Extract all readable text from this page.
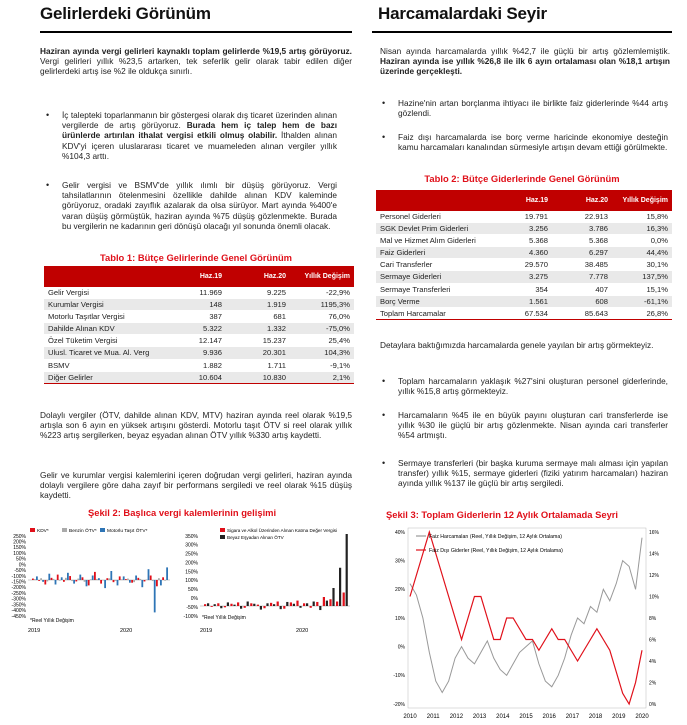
Gelirlerdeki Görünüm
Haziran ayında vergi gelirleri kaynaklı toplam gelirlerde %19,5 artış görüyoruz. Vergi gelirleri yıllık %23,5 artarken, tek seferlik gelir olarak tabir edilen diğer gelirlerdeki artış ise %2 ile oldukça sınırlı.
• İç talepteki toparlanmanın bir göstergesi olarak dış ticaret üzerinden alınan vergilerde de artış görüyoruz. Burada hem iç talep hem de bazı ürünlerde artırılan ithalat vergisi etkili olmuş olabilir. İthalden alınan KDV'yi içeren uluslararası ticaret ve muameleden alınan vergiler yıllık %104,3 arttı.
• Gelir vergisi ve BSMV'de yıllık ılımlı bir düşüş görüyoruz. Vergi tahsilatlarının ötelenmesini özellikle dahilde alınan KDV kaleminde görüyoruz, oradaki zayıflık azalarak da olsa sürüyor. Mart ayında %400'e varan düşüş görmüştük, haziran ayında %75 düşüş gözlenmekte. Burada bu vergilerin ne kadarının geri dönüşü olacağı yıl sonunda önemli olacak.
Tablo 1: Bütçe Gelirlerinde Genel Görünüm
	Haz.19	Haz.20	Yıllık Değişim
Gelir Vergisi	11.969	9.225	-22,9%
Kurumlar Vergisi	148	1.919	1195,3%
Motorlu Taşıtlar Vergisi	387	681	76,0%
Dahilde Alınan KDV	5.322	1.332	-75,0%
Özel Tüketim Vergisi	12.147	15.237	25,4%
Ulusl. Ticaret ve Mua. Al. Verg	9.936	20.301	104,3%
BSMV	1.882	1.711	-9,1%
Diğer Gelirler	10.604	10.830	2,1%
Dolaylı vergiler (ÖTV, dahilde alınan KDV, MTV) haziran ayında reel olarak %19,5 artışla son 6 ayın en yüksek artışını gösterdi. Motorlu taşıt ÖTV si reel olarak yıllık %223 artış sergilerken, beyaz eşyadan alınan ÖTV yıllık %330 artış kaydetti.
Gelir ve kurumlar vergisi kalemlerini içeren doğrudan vergi gelirleri, haziran ayında dolaylı vergilere göre daha zayıf bir performans sergiledi ve reel olarak %15 düşüş kaydetti.
Şekil 2: Başlıca vergi kalemlerinin gelişimi
250%
200%
150%
100%
50%
0%
-50%
-100%
-150%
-200%
-250%
-300%
-350%
-400%
-450%
KDV*	Benzin ÖTV* Motorlu Taşıt ÖTV*
*Reel Yıllık Değişim
2019	2020
350%
300%
250%
200%
150%
100%
50%
0%
-50%
-100%
Sigara ve Alkol Üzerinden Alınan Katma Değer Vergisi
Beyaz Eşyadan Alınan ÖTV
*Reel Yıllık Değişim
2019	2020
Harcamalardaki Seyir
Nisan ayında harcamalarda yıllık %42,7 ile güçlü bir artış gözlemlemiştik. Haziran ayında ise yıllık %26,8 ile ilk 6 ayın ortalaması olan %18,1 artışın üzerinde gerçekleşti.
• Hazine'nin artan borçlanma ihtiyacı ile birlikte faiz giderlerinde %44 artış gözlendi.
• Faiz dışı harcamalarda ise borç verme haricinde ekonomiye desteğin kamu harcamaları kanalından sürmesiyle artışın devam ettiği görülmekte.
Tablo 2: Bütçe Giderlerinde Genel Görünüm
	Haz.19	Haz.20	Yıllık Değişim
Personel Giderleri	19.791	22.913	15,8%
SGK Devlet Prim Giderleri	3.256	3.786	16,3%
Mal ve Hizmet Alım Giderleri	5.368	5.368	0,0%
Faiz Giderleri	4.360	6.297	44,4%
Cari Transferler	29.570	38.485	30,1%
Sermaye Giderleri	3.275	7.778	137,5%
Sermaye Transferleri	354	407	15,1%
Borç Verme	1.561	608	-61,1%
Toplam Harcamalar	67.534	85.643	26,8%
Detaylara baktığımızda harcamalarda genele yayılan bir artış görmekteyiz.
• Toplam harcamaların yaklaşık %27'sini oluşturan personel giderlerinde, yıllık %15,8 artış görmekteyiz.
• Harcamaların %45 ile en büyük payını oluşturan cari transferlerde ise yıllık %30 ile güçlü bir artış gözlenmekte. Nisan ayında cari transferler %54 artmıştı.
• Sermaye transferleri (bir başka kuruma sermaye malı alması için yapılan transfer) yıllık %15, sermaye giderleri (fiziki yatırım harcamaları) haziran ayında yıllık %137 ile güçlü bir artış sergiledi.
Şekil 3: Toplam Giderlerin 12 Aylık Ortalamada Seyri
40%
30%
20%
10%
0%
-10%
-20%
16%
14%
12%
10%
8%
6%
4%
2%
0%
2010 2011 2012 2013 2014 2015 2016 2017 2018 2019 2020
Faiz Harcamaları (Reel, Yıllık Değişim, 12 Aylık Ortalama)
Faiz Dışı Giderler (Reel, Yıllık Değişim, 12 Aylık Ortalama)
